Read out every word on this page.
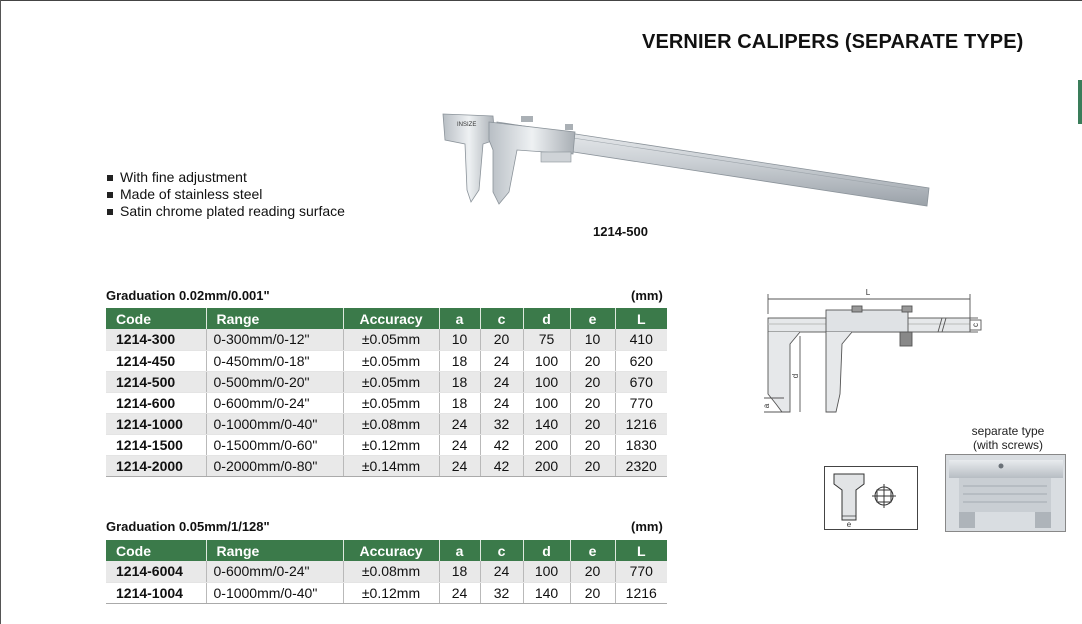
VERNIER CALIPERS (SEPARATE TYPE)
With fine adjustment
Made of stainless steel
Satin chrome plated reading surface
INSIZE
1214-500
Graduation 0.02mm/0.001"	(mm)
Code	Range	Accuracy	a	c	d	e	L
1214-300	0-300mm/0-12"	±0.05mm	10	20	75	10	410
1214-450	0-450mm/0-18"	±0.05mm	18	24	100	20	620
1214-500	0-500mm/0-20"	±0.05mm	18	24	100	20	670
1214-600	0-600mm/0-24"	±0.05mm	18	24	100	20	770
1214-1000	0-1000mm/0-40"	±0.08mm	24	32	140	20	1216
1214-1500	0-1500mm/0-60"	±0.12mm	24	42	200	20	1830
1214-2000	0-2000mm/0-80"	±0.14mm	24	42	200	20	2320
Graduation 0.05mm/1/128"	(mm)
Code	Range	Accuracy	a	c	d	e	L
1214-6004	0-600mm/0-24"	±0.08mm	18	24	100	20	770
1214-1004	0-1000mm/0-40"	±0.12mm	24	32	140	20	1216
L
c
d
a
separate type
(with screws)
e
